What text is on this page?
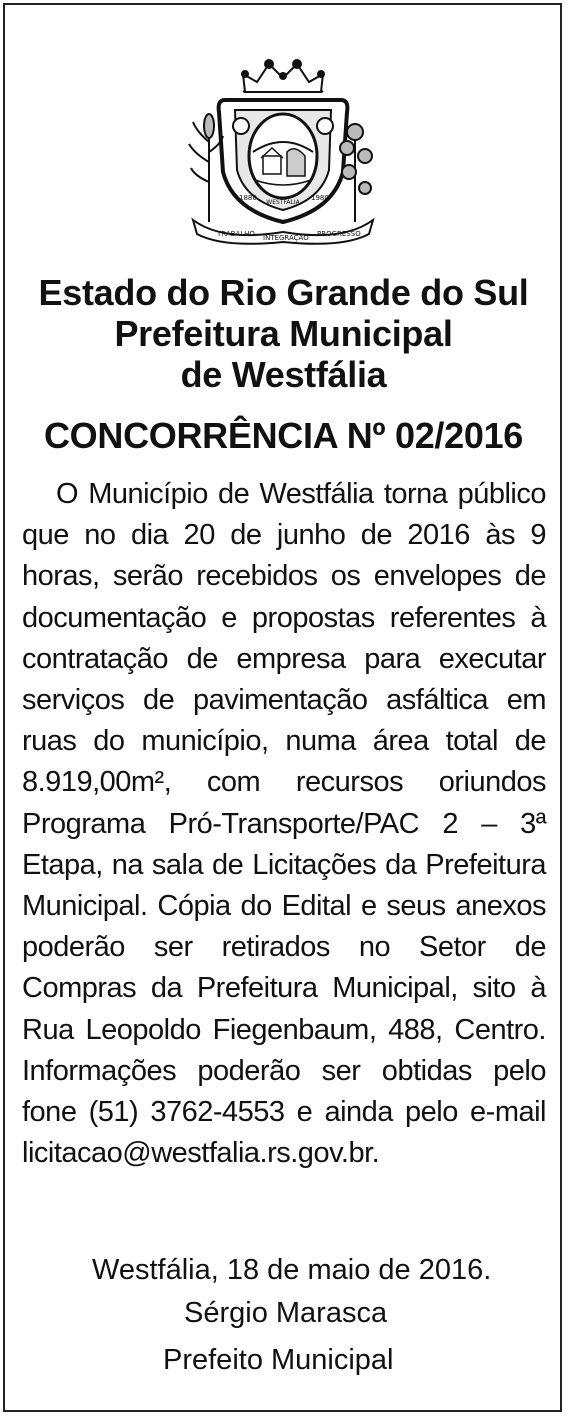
TRABALHO INTEGRAÇÃO PROGRESSO
1880	1980
WESTFÁLIA
Estado do Rio Grande do Sul
Prefeitura Municipal
de Westfália
CONCORRÊNCIA Nº 02/2016

O Município de Westfália torna público que no dia 20 de junho de 2016 às 9 horas, serão recebidos os envelopes de documentação e propostas referentes à contratação de empresa para executar serviços de pavimentação asfáltica em ruas do município, numa área total de 8.919,00m², com recursos oriundos Programa Pró-Transporte/PAC 2 – 3ª Etapa, na sala de Licitações da Prefeitura Municipal. Cópia do Edital e seus anexos poderão ser retirados no Setor de Compras da Prefeitura Municipal, sito à Rua Leopoldo Fiegenbaum, 488, Centro. Informações poderão ser obtidas pelo fone (51) 3762-4553 e ainda pelo e-mail licitacao@westfalia.rs.gov.br.

Westfália, 18 de maio de 2016.
Sérgio Marasca
Prefeito Municipal
